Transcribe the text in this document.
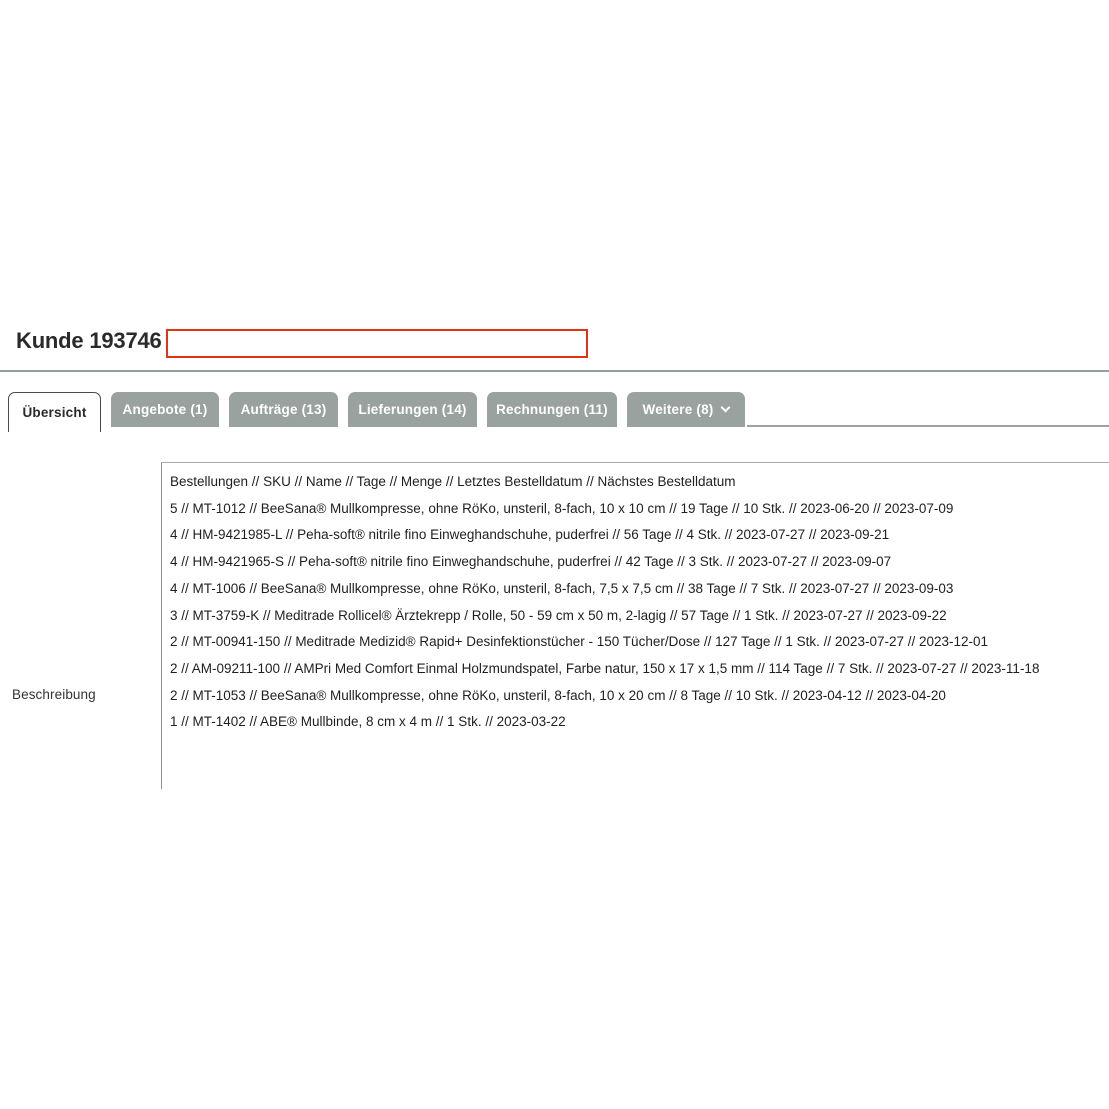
Kunde 193746
Übersicht	Angebote (1) Aufträge (13) Lieferungen (14) Rechnungen (11)	Weitere (8)
Beschreibung
Bestellungen // SKU // Name // Tage // Menge // Letztes Bestelldatum // Nächstes Bestelldatum
5 // MT-1012 // BeeSana® Mullkompresse, ohne RöKo, unsteril, 8-fach, 10 x 10 cm // 19 Tage // 10 Stk. // 2023-06-20 // 2023-07-09
4 // HM-9421985-L // Peha-soft® nitrile fino Einweghandschuhe, puderfrei // 56 Tage // 4 Stk. // 2023-07-27 // 2023-09-21
4 // HM-9421965-S // Peha-soft® nitrile fino Einweghandschuhe, puderfrei // 42 Tage // 3 Stk. // 2023-07-27 // 2023-09-07
4 // MT-1006 // BeeSana® Mullkompresse, ohne RöKo, unsteril, 8-fach, 7,5 x 7,5 cm // 38 Tage // 7 Stk. // 2023-07-27 // 2023-09-03
3 // MT-3759-K // Meditrade Rollicel® Ärztekrepp / Rolle, 50 - 59 cm x 50 m, 2-lagig // 57 Tage // 1 Stk. // 2023-07-27 // 2023-09-22
2 // MT-00941-150 // Meditrade Medizid® Rapid+ Desinfektionstücher - 150 Tücher/Dose // 127 Tage // 1 Stk. // 2023-07-27 // 2023-12-01
2 // AM-09211-100 // AMPri Med Comfort Einmal Holzmundspatel, Farbe natur, 150 x 17 x 1,5 mm // 114 Tage // 7 Stk. // 2023-07-27 // 2023-11-18
2 // MT-1053 // BeeSana® Mullkompresse, ohne RöKo, unsteril, 8-fach, 10 x 20 cm // 8 Tage // 10 Stk. // 2023-04-12 // 2023-04-20
1 // MT-1402 // ABE® Mullbinde, 8 cm x 4 m // 1 Stk. // 2023-03-22
